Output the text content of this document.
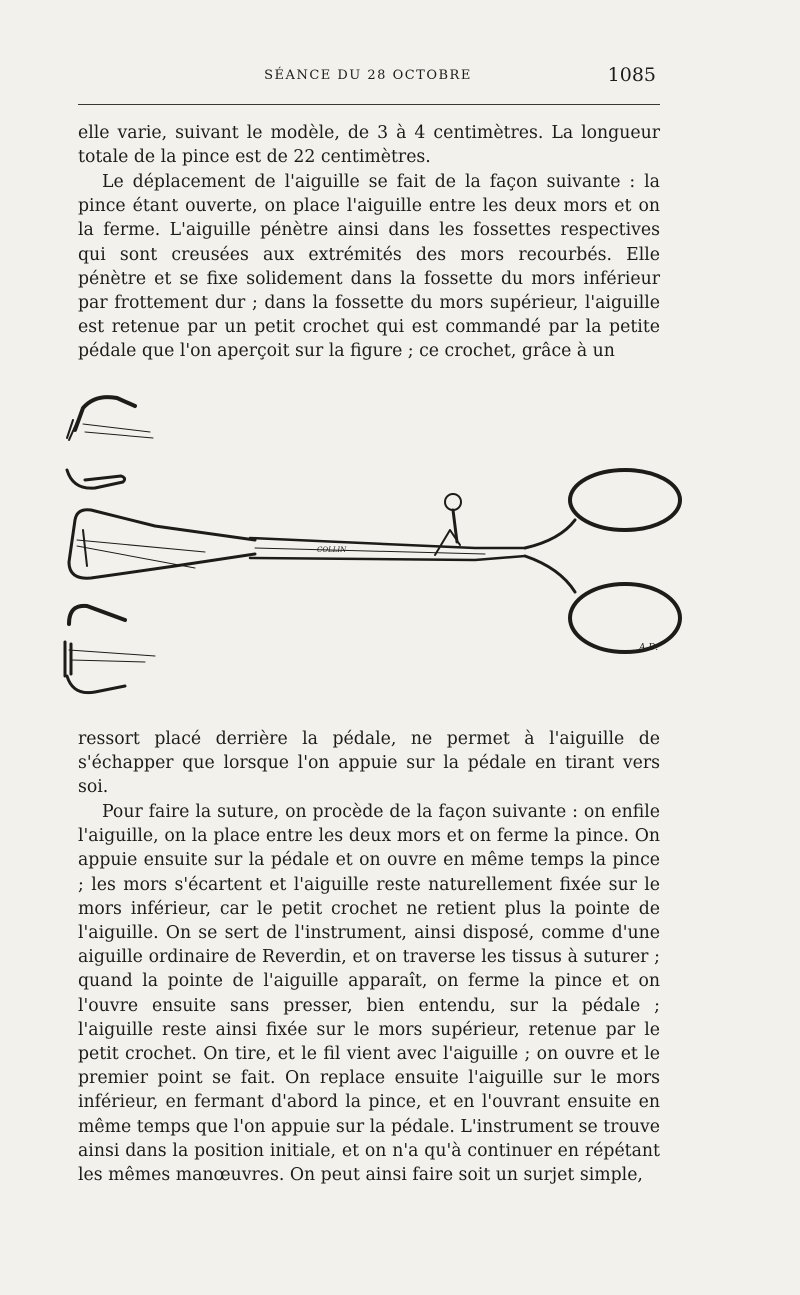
SÉANCE DU 28 OCTOBRE	1085

elle varie, suivant le modèle, de 3 à 4 centimètres. La longueur totale de la pince est de 22 centimètres.

Le déplacement de l'aiguille se fait de la façon suivante : la pince étant ouverte, on place l'aiguille entre les deux mors et on la ferme. L'aiguille pénètre ainsi dans les fossettes respectives qui sont creusées aux extrémités des mors recourbés. Elle pénètre et se fixe solidement dans la fossette du mors inférieur par frottement dur ; dans la fossette du mors supérieur, l'aiguille est retenue par un petit crochet qui est commandé par la petite pédale que l'on aperçoit sur la figure ; ce crochet, grâce à un

COLLIN
A.D.

ressort placé derrière la pédale, ne permet à l'aiguille de s'échapper que lorsque l'on appuie sur la pédale en tirant vers soi.

Pour faire la suture, on procède de la façon suivante : on enfile l'aiguille, on la place entre les deux mors et on ferme la pince. On appuie ensuite sur la pédale et on ouvre en même temps la pince ; les mors s'écartent et l'aiguille reste naturellement fixée sur le mors inférieur, car le petit crochet ne retient plus la pointe de l'aiguille. On se sert de l'instrument, ainsi disposé, comme d'une aiguille ordinaire de Reverdin, et on traverse les tissus à suturer ; quand la pointe de l'aiguille apparaît, on ferme la pince et on l'ouvre ensuite sans presser, bien entendu, sur la pédale ; l'aiguille reste ainsi fixée sur le mors supérieur, retenue par le petit crochet. On tire, et le fil vient avec l'aiguille ; on ouvre et le premier point se fait. On replace ensuite l'aiguille sur le mors inférieur, en fermant d'abord la pince, et en l'ouvrant ensuite en même temps que l'on appuie sur la pédale. L'instrument se trouve ainsi dans la position initiale, et on n'a qu'à continuer en répétant les mêmes manœuvres. On peut ainsi faire soit un surjet simple,
